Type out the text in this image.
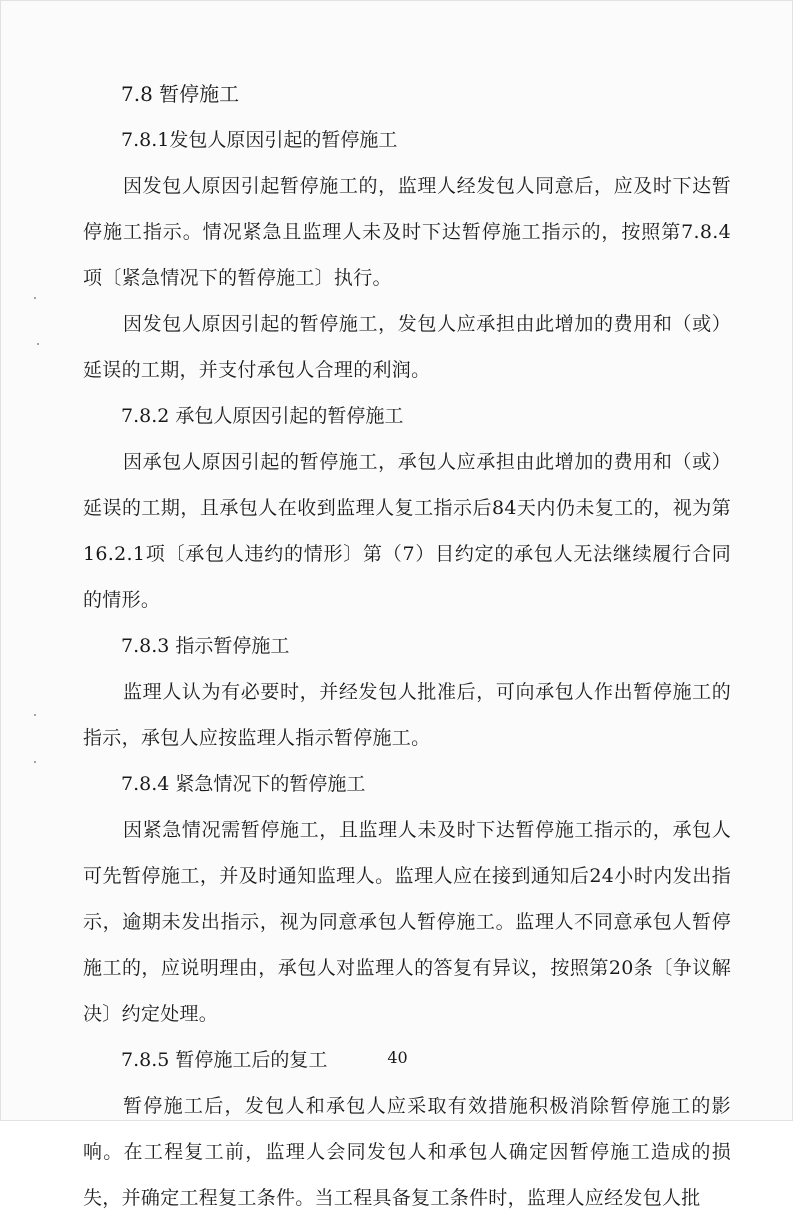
7.8 暂停施工

7.8.1发包人原因引起的暂停施工

因发包人原因引起暂停施工的，监理人经发包人同意后，应及时下达暂停施工指示。情况紧急且监理人未及时下达暂停施工指示的，按照第7.8.4项〔紧急情况下的暂停施工〕执行。

因发包人原因引起的暂停施工，发包人应承担由此增加的费用和（或）延误的工期，并支付承包人合理的利润。

7.8.2 承包人原因引起的暂停施工

因承包人原因引起的暂停施工，承包人应承担由此增加的费用和（或）延误的工期，且承包人在收到监理人复工指示后84天内仍未复工的，视为第16.2.1项〔承包人违约的情形〕第（7）目约定的承包人无法继续履行合同的情形。

7.8.3 指示暂停施工

监理人认为有必要时，并经发包人批准后，可向承包人作出暂停施工的指示，承包人应按监理人指示暂停施工。

7.8.4 紧急情况下的暂停施工

因紧急情况需暂停施工，且监理人未及时下达暂停施工指示的，承包人可先暂停施工，并及时通知监理人。监理人应在接到通知后24小时内发出指示，逾期未发出指示，视为同意承包人暂停施工。监理人不同意承包人暂停施工的，应说明理由，承包人对监理人的答复有异议，按照第20条〔争议解决〕约定处理。

7.8.5 暂停施工后的复工

暂停施工后，发包人和承包人应采取有效措施积极消除暂停施工的影响。在工程复工前，监理人会同发包人和承包人确定因暂停施工造成的损失，并确定工程复工条件。当工程具备复工条件时，监理人应经发包人批

40
